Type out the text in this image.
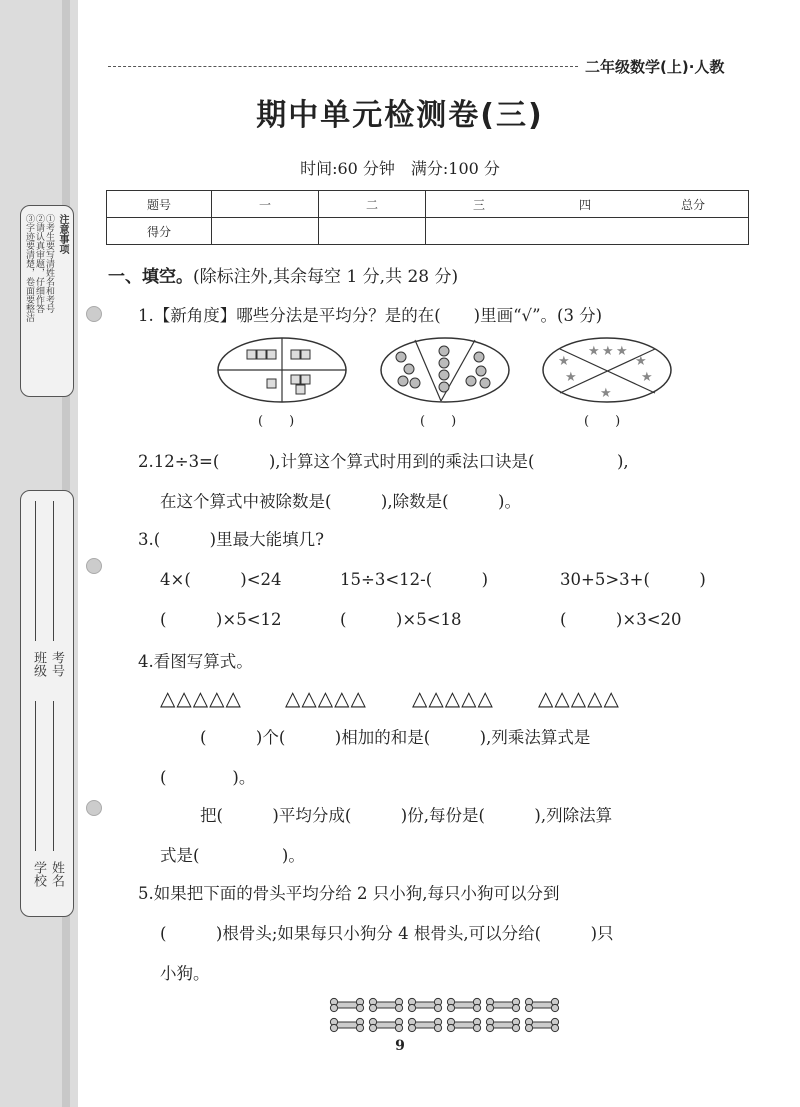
注意事项
①考生要写清姓名和考号
②请认真审题，仔细作答
③字迹要清楚，卷面要整洁
学校 姓名
班级 考号
二年级数学(上)·人教
期中单元检测卷(三)
时间:60 分钟　满分:100 分
题号	一	二	三	四	总分
得分					
一、填空。(除标注外,其余每空 1 分,共 28 分)
1.【新角度】哪些分法是平均分？是的在(　　)里画“√”。(3 分)
★ ★ ★
★
★
★
★
★
(　　)	(　　)	(　　)
2.12÷3=(　　　),计算这个算式时用到的乘法口诀是(　　　　　),
在这个算式中被除数是(　　　),除数是(　　　)。
3.(　　　)里最大能填几?
4×(　　　)<24	15÷3<12-(　　　)	30+5>3+(　　　)
(　　　)×5<12	(　　　)×5<18	(　　　)×3<20
4.看图写算式。
△△△△△ △△△△△ △△△△△ △△△△△
(　　　)个(　　　)相加的和是(　　　),列乘法算式是
(　　　　)。
把(　　　)平均分成(　　　)份,每份是(　　　),列除法算
式是(　　　　　)。
5.如果把下面的骨头平均分给 2 只小狗,每只小狗可以分到
(　　　)根骨头;如果每只小狗分 4 根骨头,可以分给(　　　)只
小狗。
9
